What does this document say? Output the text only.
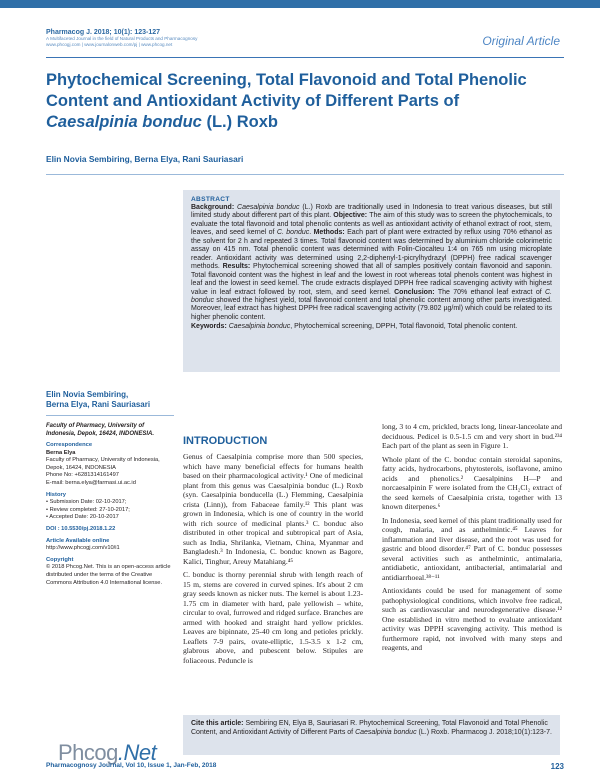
Pharmacog J. 2018; 10(1): 123-127
A Multifaceted Journal in the field of Natural Products and Pharmacognosy
www.phcogj.com | www.journalonweb.com/pj | www.phcog.net	Original Article
Phytochemical Screening, Total Flavonoid and Total Phenolic
Content and Antioxidant Activity of Different Parts of
Caesalpinia bonduc (L.) Roxb
Elin Novia Sembiring, Berna Elya, Rani Sauriasari
ABSTRACT
Background: Caesalpinia bonduc (L.) Roxb are traditionally used in Indonesia to treat various diseases, but still limited study about different part of this plant. Objective: The aim of this study was to screen the phytochemicals, to evaluate the total flavonoid and total phenolic contents as well as antioxidant activity of ethanol extract of root, stem, leaves, and seed kernel of C. bonduc. Methods: Each part of plant were extracted by reflux using 70% ethanol as the solvent for 2 h and repeated 3 times. Total flavonoid content was determined by aluminium chloride colorimetric assay on 415 nm. Total phenolic content was determined with Folin-Ciocalteu 1:4 on 765 nm using microplate reader. Antioxidant activity was determined using 2,2-diphenyl-1-picrylhydrazyl (DPPH) free radical scavenger methods. Results: Phytochemical screening showed that all of samples positively contain flavonoid and saponin. Total flavonoid content was the highest in leaf and the lowest in root whereas total phenols content was highest in leaf and the lowest in seed kernel. The crude extracts displayed DPPH free radical scavenging activity with highest value in leaf extract followed by root, stem, and seed kernel. Conclusion: The 70% ethanol leaf extract of C. bonduc showed the highest yield, total flavonoid content and total phenolic content among other parts investigated. Moreover, leaf extract has highest DPPH free radical scavenging activity (79.802 µg/ml) which could be related to its higher phenolic content.
Keywords: Caesalpinia bonduc, Phytochemical screening, DPPH, Total flavonoid, Total phenolic content.
Elin Novia Sembiring,
Berna Elya, Rani Sauriasari
Faculty of Pharmacy, University of Indonesia, Depok, 16424, INDONESIA.
Correspondence
Berna Elya
Faculty of Pharmacy, University of Indonesia, Depok, 16424, INDONESIA
Phone No: +6281314161497
E-mail: berna.elya@farmasi.ui.ac.id
History
• Submission Date: 02-10-2017;
• Review completed: 27-10-2017;
• Accepted Date: 20-10-2017
DOI : 10.5530/pj.2018.1.22
Article Available online
http://www.phcogj.com/v10/i1
Copyright
© 2018 Phcog.Net. This is an open-access article distributed under the terms of the Creative Commons Attribution 4.0 International license.
Phcog.Net
INTRODUCTION

Genus of Caesalpinia comprise more than 500 species, which have many beneficial effects for humans health based on their pharmacological activity.¹ One of medicinal plant from this genus was Caesalpinia bonduc (L.) Roxb (syn. Caesalpinia bonducella (L.) Flemming, Caesalpinia crista (Linn)), from Fabaceae family.¹² This plant was grown in Indonesia, which is one of country in the world with rich source of medicinal plants.³ C. bonduc also distributed in other tropical and subtropical part of Asia, such as India, Shrilanka, Vietnam, China, Myanmar and Bangladesh.³ In Indonesia, C. bonduc known as Bagore, Kalici, Tinghur, Areuy Matahiang.⁴⁵

C. bonduc is thorny perennial shrub with length reach of 15 m, stems are covered in curved spines. It's about 2 cm gray seeds known as nicker nuts. The kernel is about 1.23- 1.75 cm in diameter with hard, pale yellowish – white, circular to oval, furrowed and ridged surface. Branches are armed with hooked and straight hard yellow prickles. Leaves are bipinnate, 25-40 cm long and petioles prickly. Leaflets 7-9 pairs, ovate-elliptic, 1.5-3.5 x 1-2 cm, glabrous above, and pubescent below. Stipules are foliaceous. Peduncle is

long, 3 to 4 cm, prickled, bracts long, linear-lanceolate and deciduous. Pedicel is 0.5-1.5 cm and very short in bud.²³⁴ Each part of the plant as seen in Figure 1.

Whole plant of the C. bonduc contain steroidal saponins, fatty acids, hydrocarbons, phytosterols, isoflavone, amino acids and phenolics.² Caesalpinins H—P and norcaesalpinin F were isolated from the CH₂Cl₂ extract of the seed kernels of Caesalpinia crista, together with 13 known diterpenes.⁶

In Indonesia, seed kernel of this plant traditionally used for cough, malaria, and as anthelmintic.⁴⁵ Leaves for inflammation and liver disease, and the root was used for gastric and blood disorder.⁴⁷ Part of C. bonduc possesses several activities such as anthelmintic, antimalaria, antidiabetic, antioxidant, antibacterial, antimalarial and antidiarrhoeal.³⁸⁻¹¹

Antioxidants could be used for management of some pathophysiological conditions, which involve free radical, such as cardiovascular and neurodegenerative disease.¹² One established in vitro method to evaluate antioxidant activity was DPPH scavenging activity. This method is furthermore rapid, not involved with many steps and reagents, and

Cite this article: Sembiring EN, Elya B, Sauriasari R. Phytochemical Screening, Total Flavonoid and Total Phenolic Content, and Antioxidant Activity of Different Parts of Caesalpinia bonduc (L.) Roxb. Pharmacog J. 2018;10(1):123-7.
Pharmacognosy Journal, Vol 10, Issue 1, Jan-Feb, 2018	123
